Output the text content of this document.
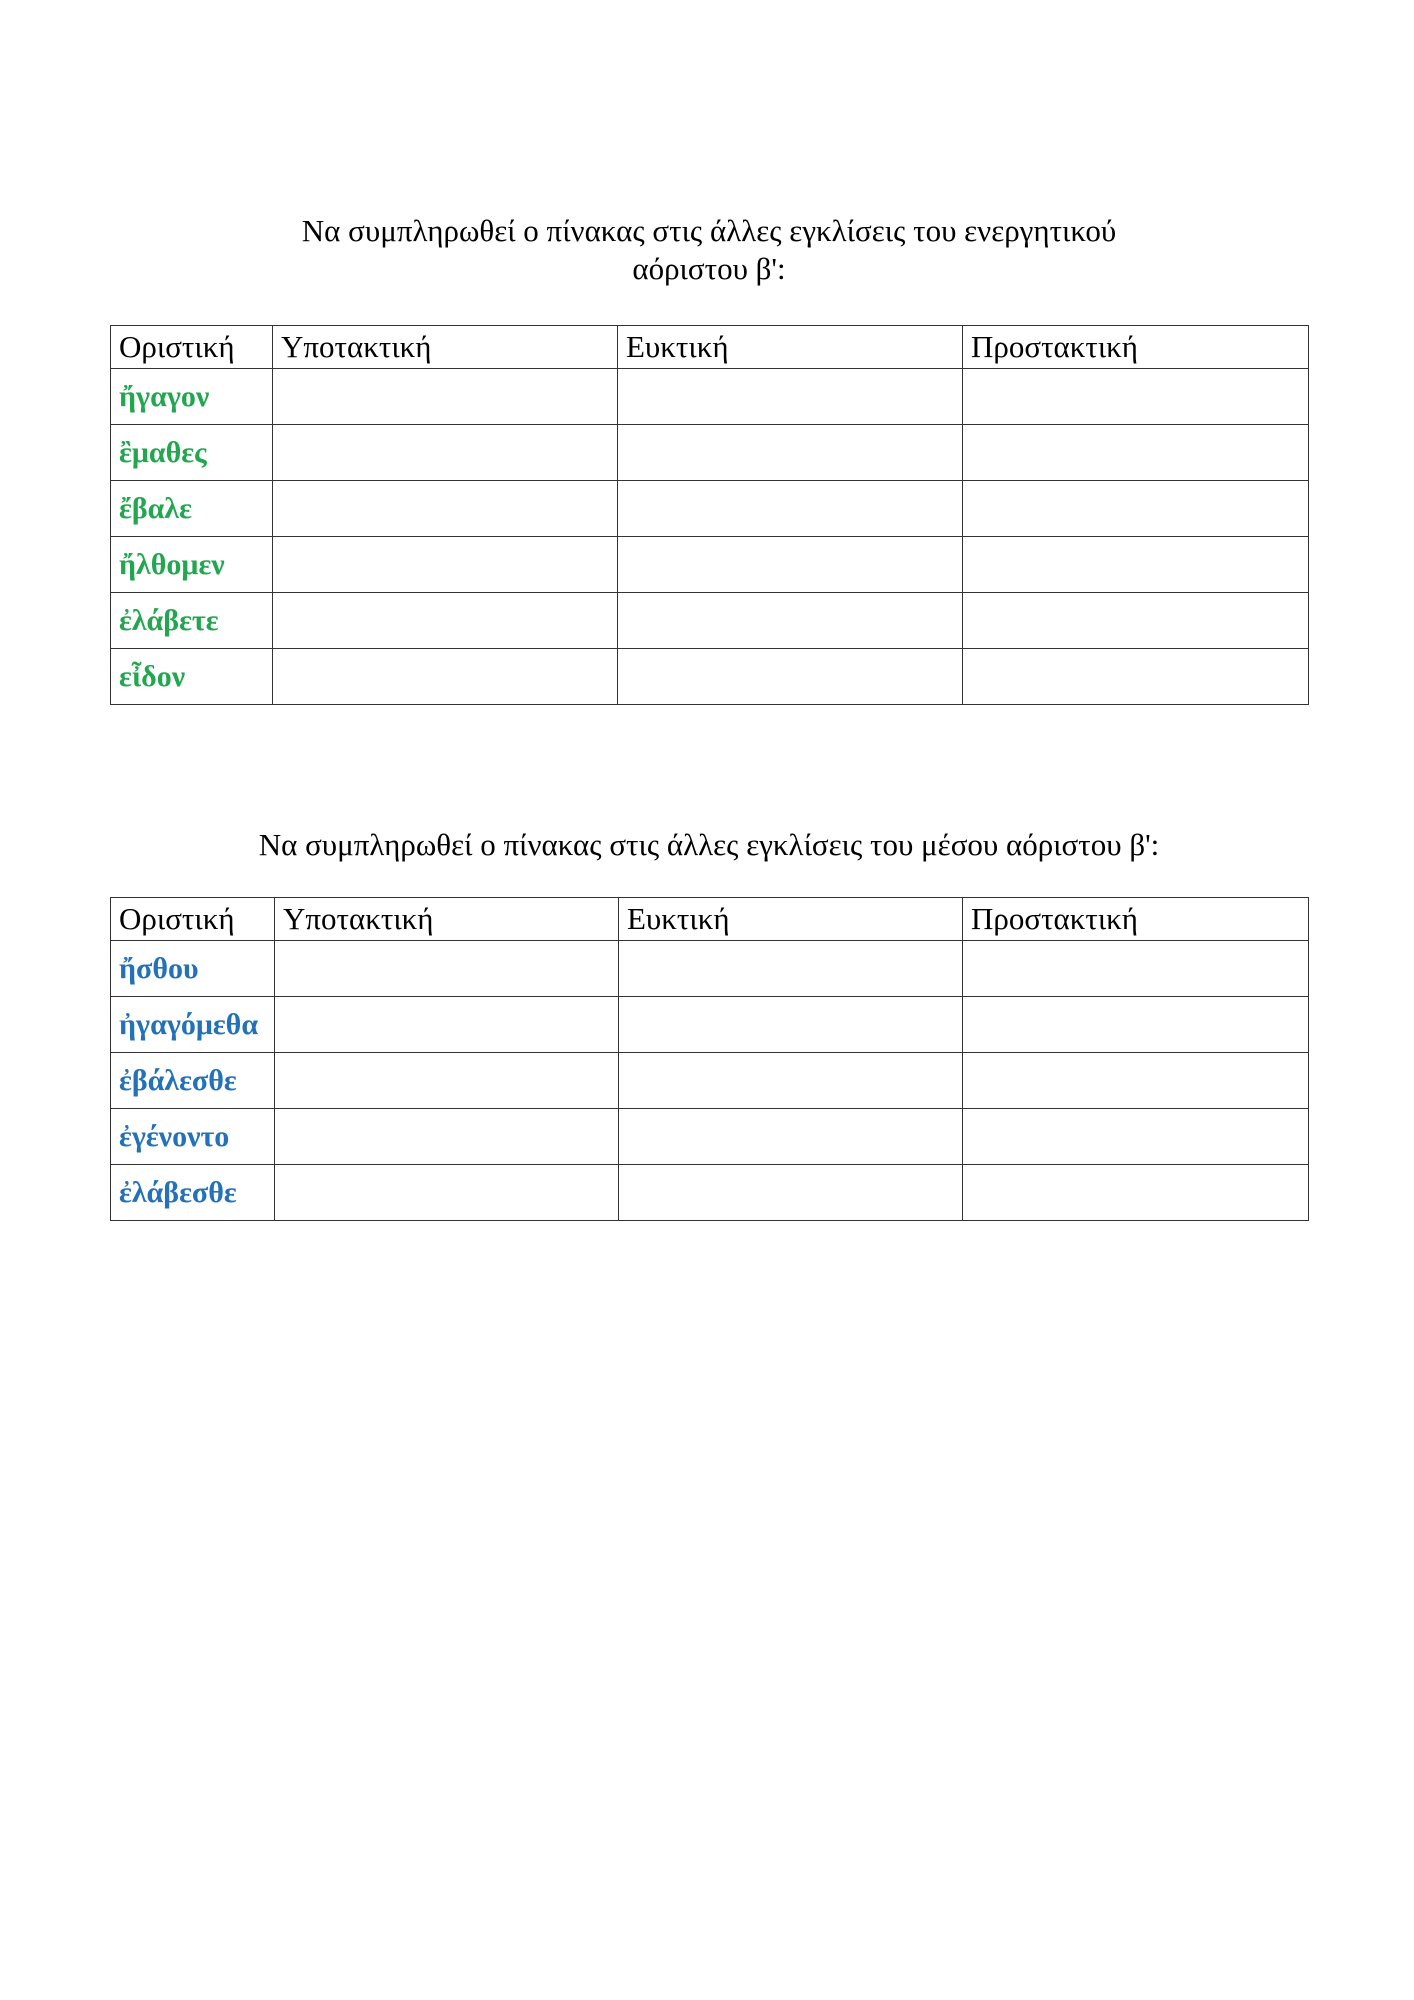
Να συμπληρωθεί ο πίνακας στις άλλες εγκλίσεις του ενεργητικού
αόριστου β':

Οριστική	Υποτακτική	Ευκτική	Προστακτική
ἤγαγον			
ἒμαθες			
ἔβαλε			
ἤλθομεν			
ἐλάβετε			
εἶδον			

Να συμπληρωθεί ο πίνακας στις άλλες εγκλίσεις του μέσου αόριστου β':

Οριστική	Υποτακτική	Ευκτική	Προστακτική
ἤσθου			
ἠγαγόμεθα			
ἐβάλεσθε			
ἐγένοντο			
ἐλάβεσθε			
